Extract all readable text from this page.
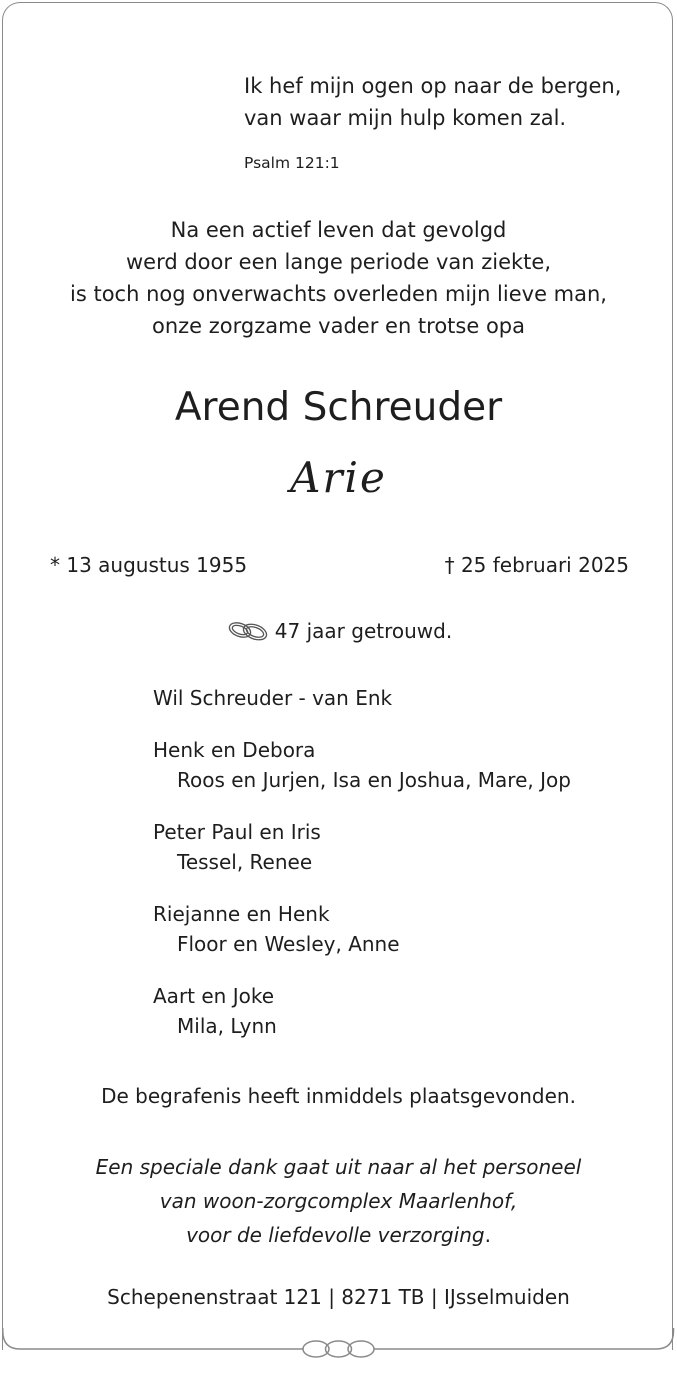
Ik hef mijn ogen op naar de bergen,
van waar mijn hulp komen zal.
Psalm 121:1
Na een actief leven dat gevolgd
werd door een lange periode van ziekte,
is toch nog onverwachts overleden mijn lieve man,
onze zorgzame vader en trotse opa
Arend Schreuder
Arie
* 13 augustus 1955	† 25 februari 2025
47 jaar getrouwd.
Wil Schreuder - van Enk
Henk en Debora
Roos en Jurjen, Isa en Joshua, Mare, Jop
Peter Paul en Iris
Tessel, Renee
Riejanne en Henk
Floor en Wesley, Anne
Aart en Joke
Mila, Lynn
De begrafenis heeft inmiddels plaatsgevonden.
Een speciale dank gaat uit naar al het personeel
van woon-zorgcomplex Maarlenhof,
voor de liefdevolle verzorging.
Schepenenstraat 121 | 8271 TB | IJsselmuiden
